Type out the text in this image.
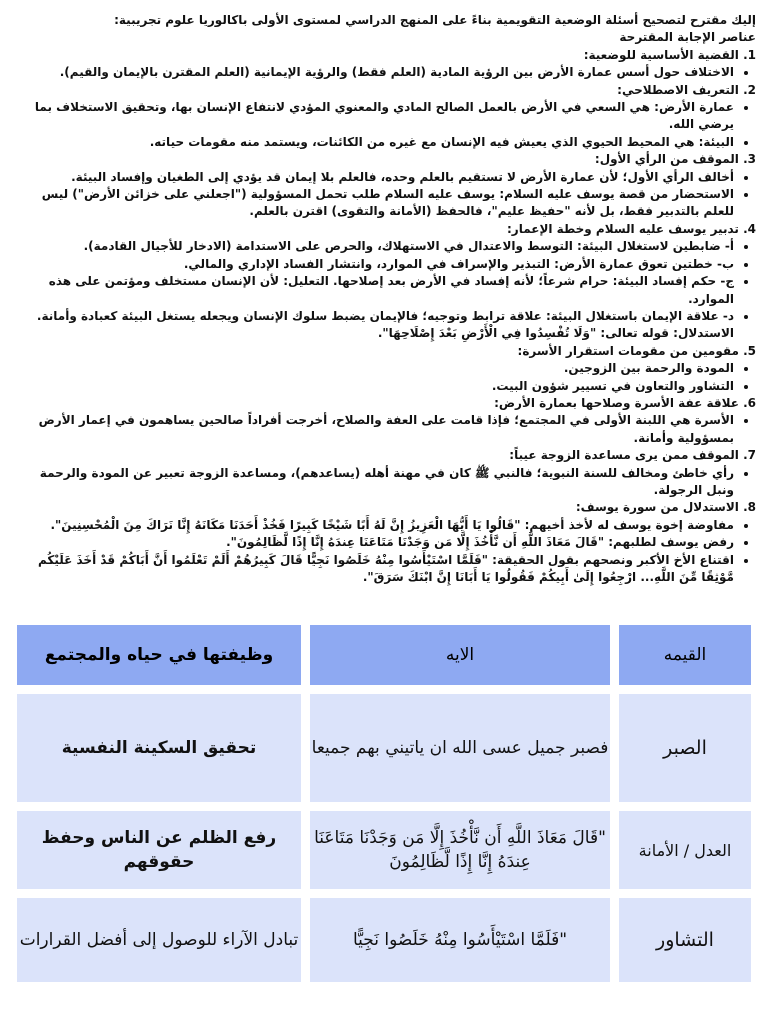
إليك مقترح لتصحيح أسئلة الوضعية التقويمية بناءً على المنهج الدراسي لمستوى الأولى باكالوريا علوم تجريبية:

عناصر الإجابة المقترحة

1. القضية الأساسية للوضعية:

• الاختلاف حول أسس عمارة الأرض بين الرؤية المادية (العلم فقط) والرؤية الإيمانية (العلم المقترن بالإيمان والقيم).

2. التعريف الاصطلاحي:

• عمارة الأرض: هي السعي في الأرض بالعمل الصالح المادي والمعنوي المؤدي لانتفاع الإنسان بها، وتحقيق الاستخلاف بما يرضي الله.
• البيئة: هي المحيط الحيوي الذي يعيش فيه الإنسان مع غيره من الكائنات، ويستمد منه مقومات حياته.

3. الموقف من الرأي الأول:

• أخالف الرأي الأول؛ لأن عمارة الأرض لا تستقيم بالعلم وحده، فالعلم بلا إيمان قد يؤدي إلى الطغيان وإفساد البيئة.
• الاستحضار من قصة يوسف عليه السلام: يوسف عليه السلام طلب تحمل المسؤولية ("اجعلني على خزائن الأرض") ليس للعلم بالتدبير فقط، بل لأنه "حفيظ عليم"، فالحفظ (الأمانة والتقوى) اقترن بالعلم.

4. تدبير يوسف عليه السلام وخطة الإعمار:

• أ- ضابطين لاستغلال البيئة: التوسط والاعتدال في الاستهلاك، والحرص على الاستدامة (الادخار للأجيال القادمة).
• ب- خطتين تعوق عمارة الأرض: التبذير والإسراف في الموارد، وانتشار الفساد الإداري والمالي.
• ج- حكم إفساد البيئة: حرام شرعاً؛ لأنه إفساد في الأرض بعد إصلاحها. التعليل: لأن الإنسان مستخلف ومؤتمن على هذه الموارد.
• د- علاقة الإيمان باستغلال البيئة: علاقة ترابط وتوجيه؛ فالإيمان يضبط سلوك الإنسان ويجعله يستغل البيئة كعبادة وأمانة. الاستدلال: قوله تعالى: "وَلَا تُفْسِدُوا فِي الْأَرْضِ بَعْدَ إِصْلَاحِهَا".

5. مقومين من مقومات استقرار الأسرة:

• المودة والرحمة بين الزوجين.
• التشاور والتعاون في تسيير شؤون البيت.

6. علاقة عفة الأسرة وصلاحها بعمارة الأرض:

• الأسرة هي اللبنة الأولى في المجتمع؛ فإذا قامت على العفة والصلاح، أخرجت أفراداً صالحين يساهمون في إعمار الأرض بمسؤولية وأمانة.

7. الموقف ممن يرى مساعدة الزوجة عيباً:

• رأي خاطئ ومخالف للسنة النبوية؛ فالنبي ﷺ كان في مهنة أهله (يساعدهم)، ومساعدة الزوجة تعبير عن المودة والرحمة ونبل الرجولة.

8. الاستدلال من سورة يوسف:

• مفاوضة إخوة يوسف له لأخذ أخيهم: "قَالُوا يَا أَيُّهَا الْعَزِيزُ إِنَّ لَهُ أَبًا شَيْخًا كَبِيرًا فَخُذْ أَحَدَنَا مَكَانَهُ إِنَّا نَرَاكَ مِنَ الْمُحْسِنِينَ".
• رفض يوسف لطلبهم: "قَالَ مَعَاذَ اللَّهِ أَن نَّأْخُذَ إِلَّا مَن وَجَدْنَا مَتَاعَنَا عِندَهُ إِنَّا إِذًا لَّظَالِمُونَ".
• اقتناع الأخ الأكبر ونصحهم بقول الحقيقة: "فَلَمَّا اسْتَيْأَسُوا مِنْهُ خَلَصُوا نَجِيًّا قَالَ كَبِيرُهُمْ أَلَمْ تَعْلَمُوا أَنَّ أَبَاكُمْ قَدْ أَخَذَ عَلَيْكُم مَّوْثِقًا مِّنَ اللَّهِ... ارْجِعُوا إِلَىٰ أَبِيكُمْ فَقُولُوا يَا أَبَانَا إِنَّ ابْنَكَ سَرَقَ".
القيمه	الايه	وظيفتها في حياه والمجتمع
الصبر	فصبر جميل عسى الله ان ياتيني بهم جميعا	تحقيق السكينة النفسية
العدل / الأمانة	"قَالَ مَعَاذَ اللَّهِ أَن نَّأْخُذَ إِلَّا مَن وَجَدْنَا مَتَاعَنَا عِندَهُ إِنَّا إِذًا لَّظَالِمُونَ	رفع الظلم عن الناس وحفظ حقوقهم
التشاور	"فَلَمَّا اسْتَيْأَسُوا مِنْهُ خَلَصُوا نَجِيًّا	تبادل الآراء للوصول إلى أفضل القرارات
